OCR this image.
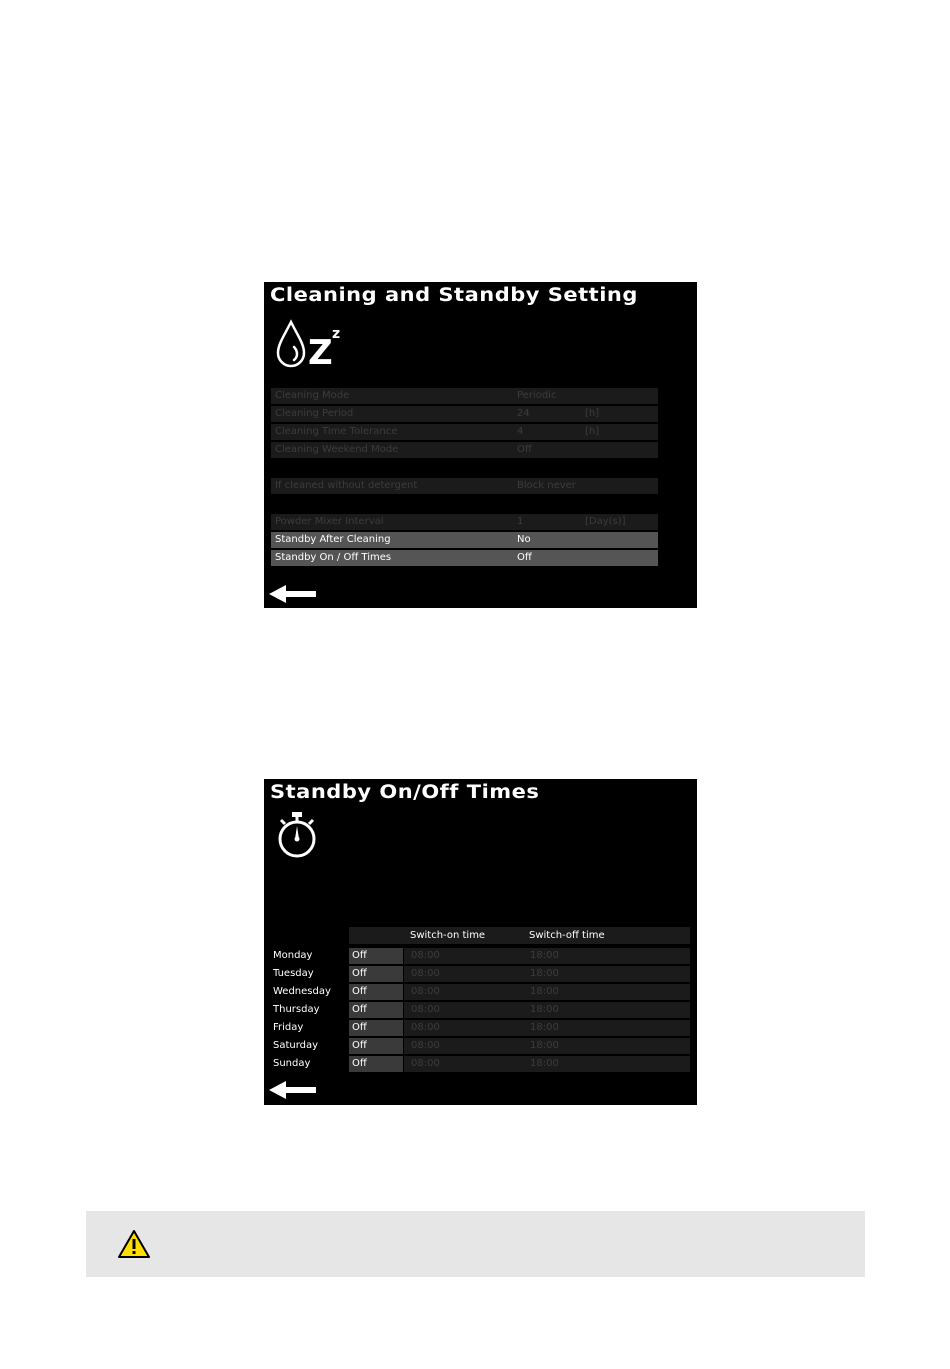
Cleaning and Standby Setting
Z z
Cleaning Mode	Periodic
Cleaning Period	24	[h]
Cleaning Time Tolerance	4	[h]
Cleaning Weekend Mode	Off
If cleaned without detergent	Block never
Powder Mixer Interval	1	[Day(s)]
Standby After Cleaning	No
Standby On / Off Times	Off
Standby On/Off Times
Switch-on time	Switch-off time
Monday	Off	08:00	18:00
Tuesday	Off	08:00	18:00
Wednesday Off	08:00	18:00
Thursday	Off	08:00	18:00
Friday	Off	08:00	18:00
Saturday	Off	08:00	18:00
Sunday	Off	08:00	18:00
